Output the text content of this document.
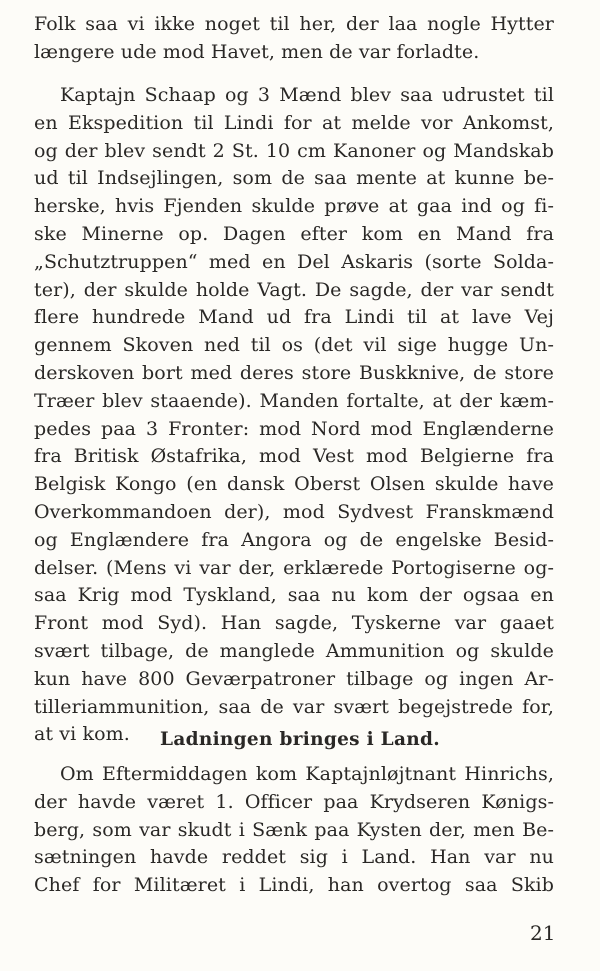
Folk saa vi ikke noget til her, der laa nogle Hytter
længere ude mod Havet, men de var forladte.
Kaptajn Schaap og 3 Mænd blev saa udrustet til
en Ekspedition til Lindi for at melde vor Ankomst,
og der blev sendt 2 St. 10 cm Kanoner og Mandskab
ud til Indsejlingen, som de saa mente at kunne be-
herske, hvis Fjenden skulde prøve at gaa ind og fi-
ske Minerne op. Dagen efter kom en Mand fra
„Schutztruppen“ med en Del Askaris (sorte Solda-
ter), der skulde holde Vagt. De sagde, der var sendt
flere hundrede Mand ud fra Lindi til at lave Vej
gennem Skoven ned til os (det vil sige hugge Un-
derskoven bort med deres store Buskknive, de store
Træer blev staaende). Manden fortalte, at der kæm-
pedes paa 3 Fronter: mod Nord mod Englænderne
fra Britisk Østafrika, mod Vest mod Belgierne fra
Belgisk Kongo (en dansk Oberst Olsen skulde have
Overkommandoen der), mod Sydvest Franskmænd
og Englændere fra Angora og de engelske Besid-
delser. (Mens vi var der, erklærede Portogiserne og-
saa Krig mod Tyskland, saa nu kom der ogsaa en
Front mod Syd). Han sagde, Tyskerne var gaaet
svært tilbage, de manglede Ammunition og skulde
kun have 800 Geværpatroner tilbage og ingen Ar-
tilleriammunition, saa de var svært begejstrede for,
at vi kom.	Ladningen bringes i Land.
Om Eftermiddagen kom Kaptajnløjtnant Hinrichs,
der havde været 1. Officer paa Krydseren Kønigs-
berg, som var skudt i Sænk paa Kysten der, men Be-
sætningen havde reddet sig i Land. Han var nu
Chef for Militæret i Lindi, han overtog saa Skib
21
